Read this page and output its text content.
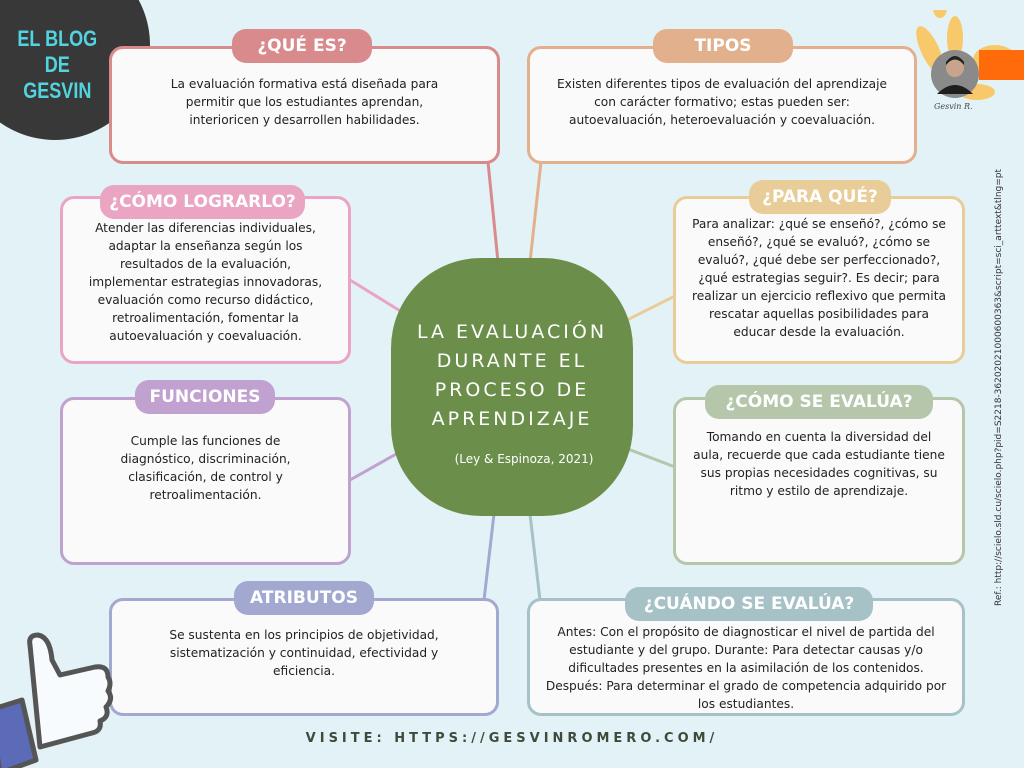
EL BLOG DE
GESVIN
Gesvin R.
La evaluación formativa está diseñada para permitir que los estudiantes aprendan, interioricen y desarrollen habilidades.
¿QUÉ ES?
Existen diferentes tipos de evaluación del aprendizaje con carácter formativo; estas pueden ser: autoevaluación, heteroevaluación y coevaluación.
TIPOS
Atender las diferencias individuales, adaptar la enseñanza según los resultados de la evaluación, implementar estrategias innovadoras, evaluación como recurso didáctico, retroalimentación, fomentar la autoevaluación y coevaluación.
¿CÓMO LOGRARLO?
Para analizar: ¿qué se enseñó?, ¿cómo se enseñó?, ¿qué se evaluó?, ¿cómo se evaluó?, ¿qué debe ser perfeccionado?, ¿qué estrategias seguir?. Es decir; para realizar un ejercicio reflexivo que permita rescatar aquellas posibilidades para educar desde la evaluación.
¿PARA QUÉ?
Cumple las funciones de diagnóstico, discriminación, clasificación, de control y retroalimentación.
FUNCIONES
Tomando en cuenta la diversidad del aula, recuerde que cada estudiante tiene sus propias necesidades cognitivas, su ritmo y estilo de aprendizaje.
¿CÓMO SE EVALÚA?
Se sustenta en los principios de objetividad, sistematización y continuidad, efectividad y eficiencia.
ATRIBUTOS
Antes: Con el propósito de diagnosticar el nivel de partida del estudiante y del grupo. Durante: Para detectar causas y/o dificultades presentes en la asimilación de los contenidos. Después: Para determinar el grado de competencia adquirido por los estudiantes.
¿CUÁNDO SE EVALÚA?
LA EVALUACIÓN
DURANTE EL
PROCESO DE
APRENDIZAJE
(Ley & Espinoza, 2021)	Ref.: http://scielo.sld.cu/scielo.php?pid=S2218-36202021000600363&script=sci_arttext&tlng=pt
VISITE: HTTPS://GESVINROMERO.COM/
